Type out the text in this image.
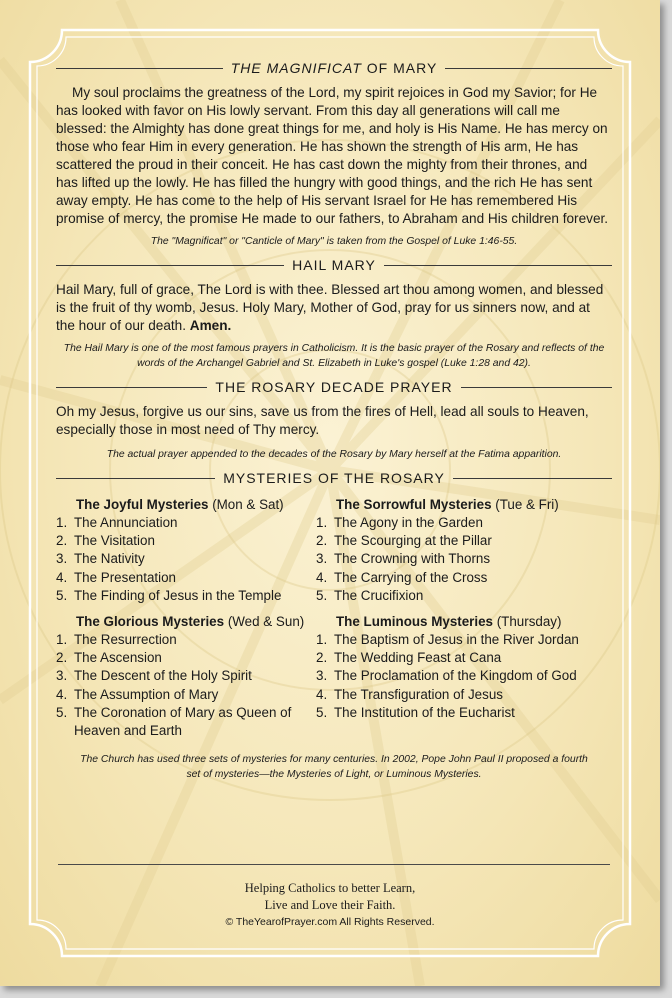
THE MAGNIFICAT OF MARY

My soul proclaims the greatness of the Lord, my spirit rejoices in God my Savior; for He has looked with favor on His lowly servant. From this day all generations will call me blessed: the Almighty has done great things for me, and holy is His Name. He has mercy on those who fear Him in every generation. He has shown the strength of His arm, He has scattered the proud in their conceit. He has cast down the mighty from their thrones, and has lifted up the lowly. He has filled the hungry with good things, and the rich He has sent away empty. He has come to the help of His servant Israel for He has remembered His promise of mercy, the promise He made to our fathers, to Abraham and His children forever.

The "Magnificat" or "Canticle of Mary" is taken from the Gospel of Luke 1:46-55.

HAIL MARY

Hail Mary, full of grace, The Lord is with thee. Blessed art thou among women, and blessed is the fruit of thy womb, Jesus. Holy Mary, Mother of God, pray for us sinners now, and at the hour of our death. Amen.

The Hail Mary is one of the most famous prayers in Catholicism. It is the basic prayer of the Rosary and reflects of the words of the Archangel Gabriel and St. Elizabeth in Luke's gospel (Luke 1:28 and 42).

THE ROSARY DECADE PRAYER

Oh my Jesus, forgive us our sins, save us from the fires of Hell, lead all souls to Heaven, especially those in most need of Thy mercy.

The actual prayer appended to the decades of the Rosary by Mary herself at the Fatima apparition.

MYSTERIES OF THE ROSARY
The Joyful Mysteries (Mon & Sat)
1. The Annunciation
2. The Visitation
3. The Nativity
4. The Presentation
5. The Finding of Jesus in the Temple
The Sorrowful Mysteries (Tue & Fri)
1. The Agony in the Garden
2. The Scourging at the Pillar
3. The Crowning with Thorns
4. The Carrying of the Cross
5. The Crucifixion
The Glorious Mysteries (Wed & Sun)
1. The Resurrection
2. The Ascension
3. The Descent of the Holy Spirit
4. The Assumption of Mary
5. The Coronation of Mary as Queen of Heaven and Earth
The Luminous Mysteries (Thursday)
1. The Baptism of Jesus in the River Jordan
2. The Wedding Feast at Cana
3. The Proclamation of the Kingdom of God
4. The Transfiguration of Jesus
5. The Institution of the Eucharist

The Church has used three sets of mysteries for many centuries. In 2002, Pope John Paul II proposed a fourth set of mysteries—the Mysteries of Light, or Luminous Mysteries.

Helping Catholics to better Learn,
Live and Love their Faith.
© TheYearofPrayer.com All Rights Reserved.
